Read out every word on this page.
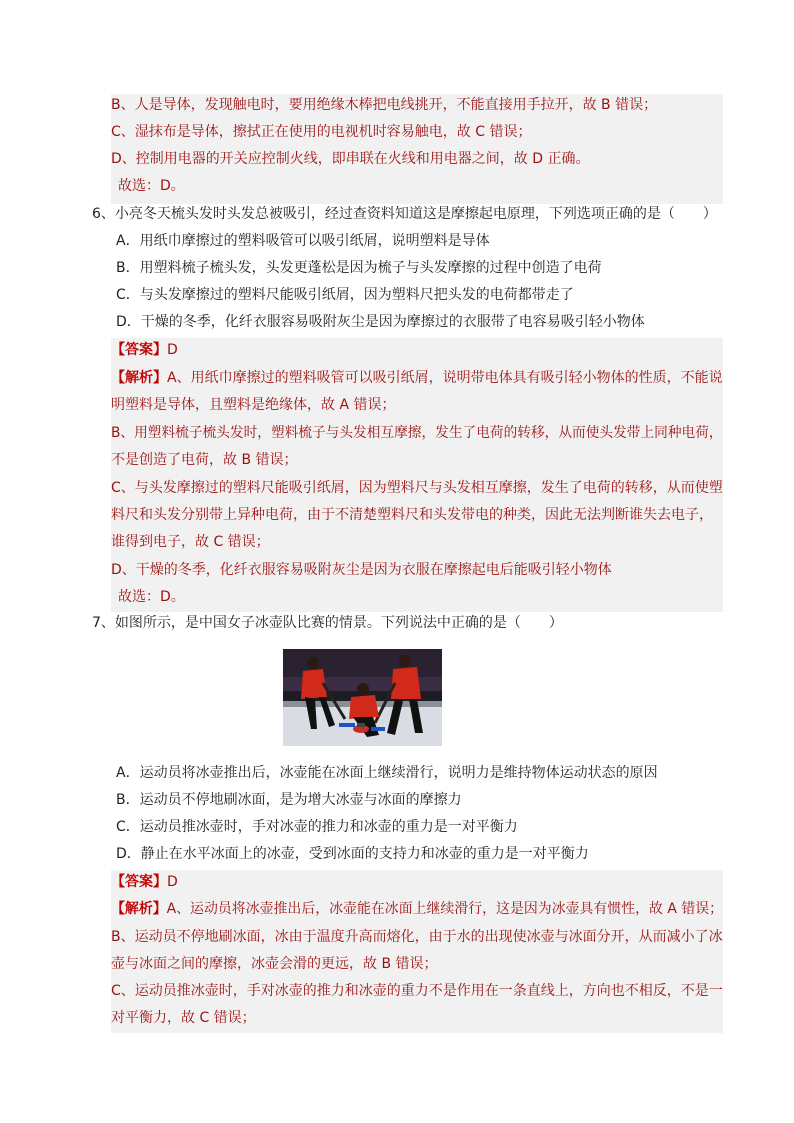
B、人是导体，发现触电时，要用绝缘木棒把电线挑开，不能直接用手拉开，故 B 错误；
C、湿抹布是导体，擦拭正在使用的电视机时容易触电，故 C 错误；
D、控制用电器的开关应控制火线，即串联在火线和用电器之间，故 D 正确。
故选：D。
6、小亮冬天梳头发时头发总被吸引，经过查资料知道这是摩擦起电原理，下列选项正确的是（　　）
A．用纸巾摩擦过的塑料吸管可以吸引纸屑，说明塑料是导体
B．用塑料梳子梳头发，头发更蓬松是因为梳子与头发摩擦的过程中创造了电荷
C．与头发摩擦过的塑料尺能吸引纸屑，因为塑料尺把头发的电荷都带走了
D．干燥的冬季，化纤衣服容易吸附灰尘是因为摩擦过的衣服带了电容易吸引轻小物体
【答案】D
【解析】A、用纸巾摩擦过的塑料吸管可以吸引纸屑，说明带电体具有吸引轻小物体的性质，不能说
明塑料是导体，且塑料是绝缘体，故 A 错误；
B、用塑料梳子梳头发时，塑料梳子与头发相互摩擦，发生了电荷的转移，从而使头发带上同种电荷，
不是创造了电荷，故 B 错误；
C、与头发摩擦过的塑料尺能吸引纸屑，因为塑料尺与头发相互摩擦，发生了电荷的转移，从而使塑
料尺和头发分别带上异种电荷，由于不清楚塑料尺和头发带电的种类，因此无法判断谁失去电子，
谁得到电子，故 C 错误；
D、干燥的冬季，化纤衣服容易吸附灰尘是因为衣服在摩擦起电后能吸引轻小物体
故选：D。
7、如图所示，是中国女子冰壶队比赛的情景。下列说法中正确的是（　　）
A．运动员将冰壶推出后，冰壶能在冰面上继续滑行，说明力是维持物体运动状态的原因
B．运动员不停地刷冰面，是为增大冰壶与冰面的摩擦力
C．运动员推冰壶时，手对冰壶的推力和冰壶的重力是一对平衡力
D．静止在水平冰面上的冰壶，受到冰面的支持力和冰壶的重力是一对平衡力
【答案】D
【解析】A、运动员将冰壶推出后，冰壶能在冰面上继续滑行，这是因为冰壶具有惯性，故 A 错误；
B、运动员不停地刷冰面，冰由于温度升高而熔化，由于水的出现使冰壶与冰面分开，从而减小了冰
壶与冰面之间的摩擦，冰壶会滑的更远，故 B 错误；
C、运动员推冰壶时，手对冰壶的推力和冰壶的重力不是作用在一条直线上，方向也不相反，不是一
对平衡力，故 C 错误；
